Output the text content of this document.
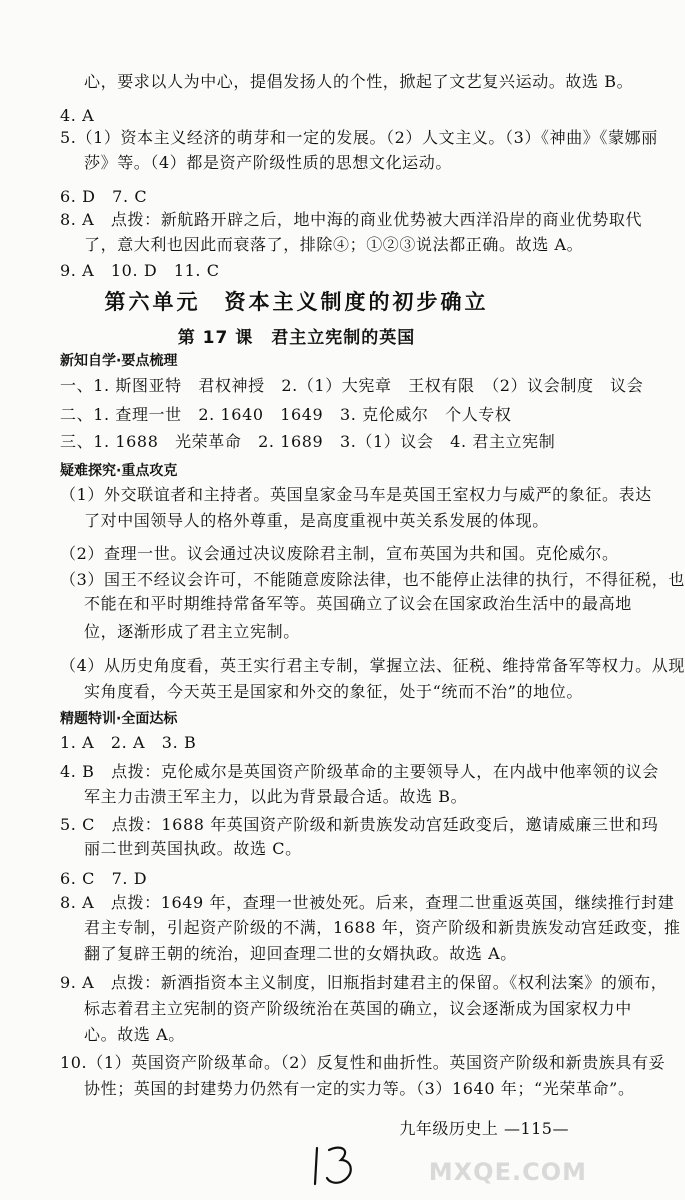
心，要求以人为中心，提倡发扬人的个性，掀起了文艺复兴运动。故选 B。
4. A
5.（1）资本主义经济的萌芽和一定的发展。（2）人文主义。（3）《神曲》《蒙娜丽
莎》等。（4）都是资产阶级性质的思想文化运动。
6. D　7. C
8. A　点拨：新航路开辟之后，地中海的商业优势被大西洋沿岸的商业优势取代
了，意大利也因此而衰落了，排除④；①②③说法都正确。故选 A。
9. A　10. D　11. C
第六单元　资本主义制度的初步确立
第 17 课　君主立宪制的英国
新知自学·要点梳理
一、1. 斯图亚特　君权神授　2.（1）大宪章　王权有限　（2）议会制度　议会
二、1. 查理一世　2. 1640　1649　3. 克伦威尔　个人专权
三、1. 1688　光荣革命　2. 1689　3.（1）议会　4. 君主立宪制
疑难探究·重点攻克
（1）外交联谊者和主持者。英国皇家金马车是英国王室权力与威严的象征。表达
了对中国领导人的格外尊重，是高度重视中英关系发展的体现。
（2）查理一世。议会通过决议废除君主制，宣布英国为共和国。克伦威尔。
（3）国王不经议会许可，不能随意废除法律，也不能停止法律的执行，不得征税，也
不能在和平时期维持常备军等。英国确立了议会在国家政治生活中的最高地
位，逐渐形成了君主立宪制。
（4）从历史角度看，英王实行君主专制，掌握立法、征税、维持常备军等权力。从现
实角度看，今天英王是国家和外交的象征，处于“统而不治”的地位。
精题特训·全面达标
1. A　2. A　3. B
4. B　点拨：克伦威尔是英国资产阶级革命的主要领导人，在内战中他率领的议会
军主力击溃王军主力，以此为背景最合适。故选 B。
5. C　点拨：1688 年英国资产阶级和新贵族发动宫廷政变后，邀请威廉三世和玛
丽二世到英国执政。故选 C。
6. C　7. D
8. A　点拨：1649 年，查理一世被处死。后来，查理二世重返英国，继续推行封建
君主专制，引起资产阶级的不满，1688 年，资产阶级和新贵族发动宫廷政变，推
翻了复辟王朝的统治，迎回查理二世的女婿执政。故选 A。
9. A　点拨：新酒指资本主义制度，旧瓶指封建君主的保留。《权利法案》的颁布，
标志着君主立宪制的资产阶级统治在英国的确立，议会逐渐成为国家权力中
心。故选 A。
10.（1）英国资产阶级革命。（2）反复性和曲折性。英国资产阶级和新贵族具有妥
协性；英国的封建势力仍然有一定的实力等。（3）1640 年；“光荣革命”。
九年级历史上 —115—
MXQE.COM
